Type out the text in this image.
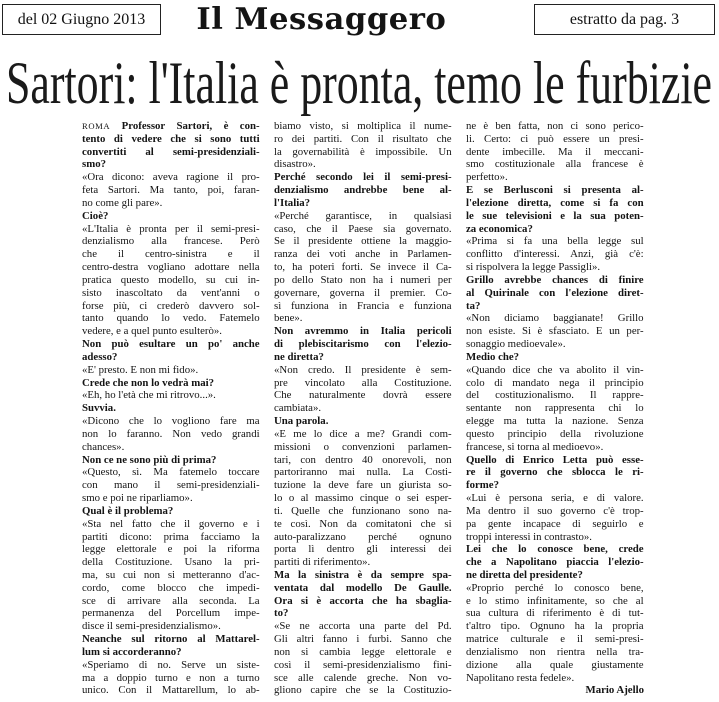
del 02 Giugno 2013 Il Messaggero	estratto da pag. 3
Sartori: l'Italia è pronta, temo le furbizie
ROMA Professor Sartori, è con-
tento di vedere che si sono tutti
convertiti al semi-presidenziali-
smo?
«Ora dicono: aveva ragione il pro-
feta Sartori. Ma tanto, poi, faran-
no come gli pare».
Cioè?
«L'Italia è pronta per il semi-presi-
denzialismo alla francese. Però
che il centro-sinistra e il
centro-destra vogliano adottare nella
pratica questo modello, su cui in-
sisto inascoltato da vent'anni o
forse più, ci crederò davvero sol-
tanto quando lo vedo. Fatemelo
vedere, e a quel punto esulterò».
Non può esultare un po' anche
adesso?
«E' presto. E non mi fido».
Crede che non lo vedrà mai?
«Eh, ho l'età che mi ritrovo...».
Suvvia.
«Dicono che lo vogliono fare ma
non lo faranno. Non vedo grandi
chances».
Non ce ne sono più di prima?
«Questo, sì. Ma fatemelo toccare
con mano il semi-presidenziali-
smo e poi ne riparliamo».
Qual è il problema?
«Sta nel fatto che il governo e i
partiti dicono: prima facciamo la
legge elettorale e poi la riforma
della Costituzione. Usano la pri-
ma, su cui non si metteranno d'ac-
cordo, come blocco che impedi-
sce di arrivare alla seconda. La
permanenza del Porcellum impe-
disce il semi-presidenzialismo».
Neanche sul ritorno al Mattarel-
lum si accorderanno?
«Speriamo di no. Serve un siste-
ma a doppio turno e non a turno
unico. Con il Mattarellum, lo ab-
biamo visto, si moltiplica il nume-
ro dei partiti. Con il risultato che
la governabilità è impossibile. Un
disastro».
Perché secondo lei il semi-presi-
denzialismo andrebbe bene al-
l'Italia?
«Perché garantisce, in qualsiasi
caso, che il Paese sia governato.
Se il presidente ottiene la maggio-
ranza dei voti anche in Parlamen-
to, ha poteri forti. Se invece il Ca-
po dello Stato non ha i numeri per
governare, governa il premier. Co-
sì funziona in Francia e funziona
bene».
Non avremmo in Italia pericoli
di plebiscitarismo con l'elezio-
ne diretta?
«Non credo. Il presidente è sem-
pre vincolato alla Costituzione.
Che naturalmente dovrà essere
cambiata».
Una parola.
«E me lo dice a me? Grandi com-
missioni o convenzioni parlamen-
tari, con dentro 40 onorevoli, non
partoriranno mai nulla. La Costi-
tuzione la deve fare un giurista so-
lo o al massimo cinque o sei esper-
ti. Quelle che funzionano sono na-
te così. Non da comitatoni che si
auto-paralizzano perché ognuno
porta lì dentro gli interessi dei
partiti di riferimento».
Ma la sinistra è da sempre spa-
ventata dal modello De Gaulle.
Ora si è accorta che ha sbaglia-
to?
«Se ne accorta una parte del Pd.
Gli altri fanno i furbi. Sanno che
non si cambia legge elettorale e
così il semi-presidenzialismo fini-
sce alle calende greche. Non vo-
gliono capire che se la Costituzio-
ne è ben fatta, non ci sono perico-
li. Certo: ci può essere un presi-
dente imbecille. Ma il meccani-
smo costituzionale alla francese è
perfetto».
E se Berlusconi si presenta al-
l'elezione diretta, come si fa con
le sue televisioni e la sua poten-
za economica?
«Prima si fa una bella legge sul
conflitto d'interessi. Anzi, già c'è:
si rispolvera la legge Passigli».
Grillo avrebbe chances di finire
al Quirinale con l'elezione diret-
ta?
«Non diciamo baggianate! Grillo
non esiste. Si è sfasciato. E un per-
sonaggio medioevale».
Medio che?
«Quando dice che va abolito il vin-
colo di mandato nega il principio
del costituzionalismo. Il rappre-
sentante non rappresenta chi lo
elegge ma tutta la nazione. Senza
questo principio della rivoluzione
francese, si torna al medioevo».
Quello di Enrico Letta può esse-
re il governo che sblocca le ri-
forme?
«Lui è persona seria, e di valore.
Ma dentro il suo governo c'è trop-
pa gente incapace di seguirlo e
troppi interessi in contrasto».
Lei che lo conosce bene, crede
che a Napolitano piaccia l'elezio-
ne diretta del presidente?
«Proprio perché lo conosco bene,
e lo stimo infinitamente, so che al
sua cultura di riferimento è di tut-
t'altro tipo. Ognuno ha la propria
matrice culturale e il semi-presi-
denzialismo non rientra nella tra-
dizione alla quale giustamente
Napolitano resta fedele».
Mario Ajello
